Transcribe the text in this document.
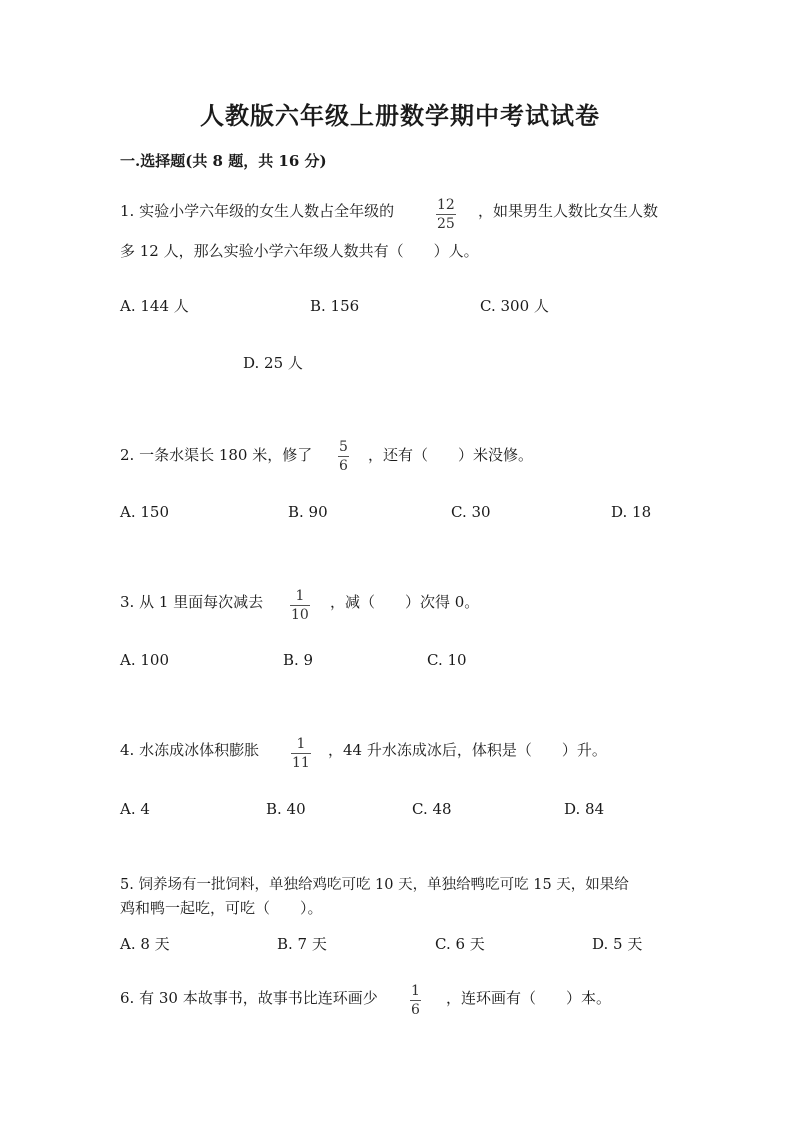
人教版六年级上册数学期中考试试卷
一.选择题(共 8 题，共 16 分)
1. 实验小学六年级的女生人数占全年级的	12
25
，如果男生人数比女生人数
多 12 人，那么实验小学六年级人数共有（　　）人。
A. 144 人	B. 156	C. 300 人
D. 25 人
2. 一条水渠长 180 米，修了 5
6
，还有（　　）米没修。
A. 150	B. 90	C. 30	D. 18
3. 从 1 里面每次减去 1
10
，减（　　）次得 0。
A. 100	B. 9	C. 10
4. 水冻成冰体积膨胀	1
11
，44 升水冻成冰后，体积是（　　）升。
A. 4	B. 40	C. 48	D. 84
5. 饲养场有一批饲料，单独给鸡吃可吃 10 天，单独给鸭吃可吃 15 天，如果给
鸡和鸭一起吃，可吃（　　）。
A. 8 天	B. 7 天	C. 6 天	D. 5 天
6. 有 30 本故事书，故事书比连环画少 1
6
，连环画有（　　）本。
